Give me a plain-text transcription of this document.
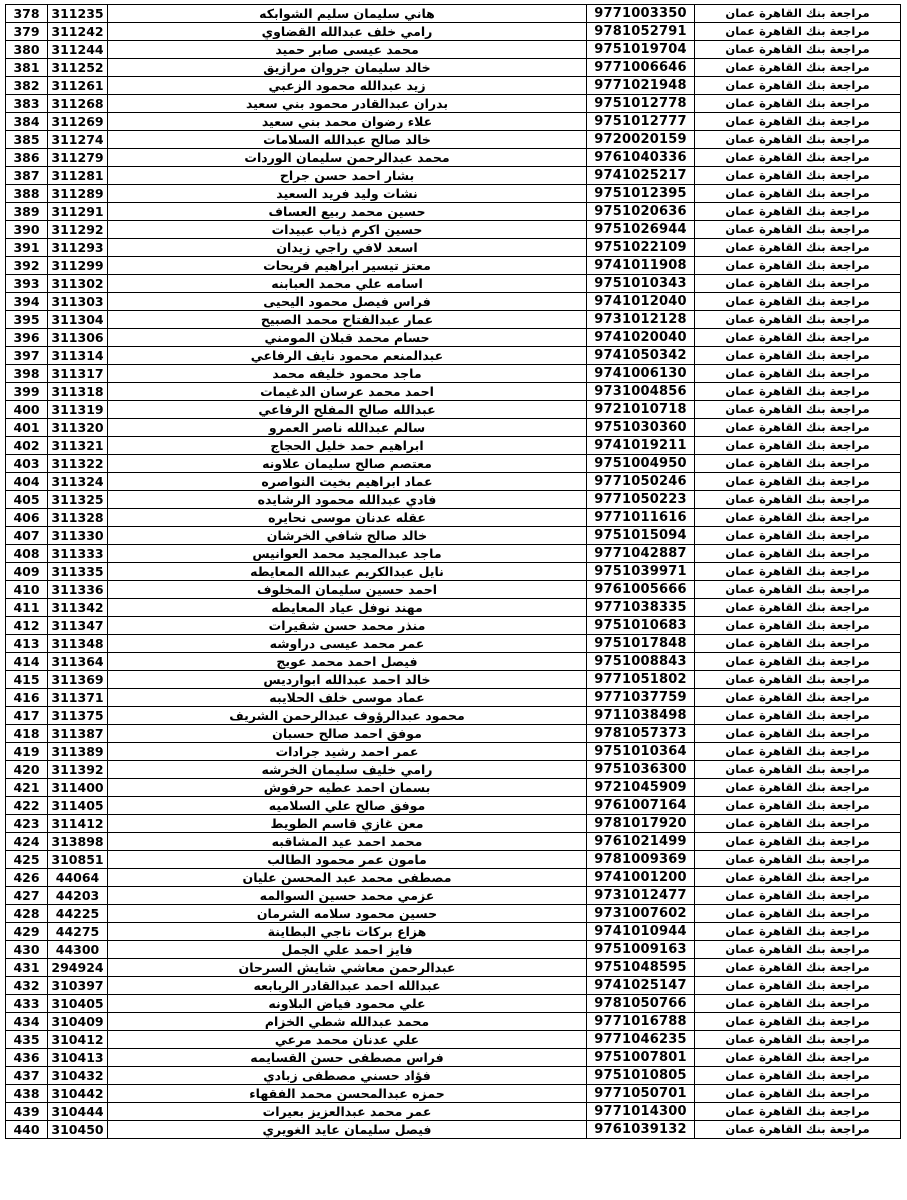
مراجعة بنك القاهرة عمان	9771003350	هاني سليمان سليم الشوابكه	311235	378
مراجعة بنك القاهرة عمان	9781052791	رامي خلف عبدالله القضاوي	311242	379
مراجعة بنك القاهرة عمان	9751019704	محمد عيسى صابر حميد	311244	380
مراجعة بنك القاهرة عمان	9771006646	خالد سليمان جروان مرازيق	311252	381
مراجعة بنك القاهرة عمان	9771021948	زيد عبدالله محمود الزعبي	311261	382
مراجعة بنك القاهرة عمان	9751012778	بدران عبدالقادر محمود بني سعيد	311268	383
مراجعة بنك القاهرة عمان	9751012777	علاء رضوان محمد بني سعيد	311269	384
مراجعة بنك القاهرة عمان	9720020159	خالد صالح عبدالله السلامات	311274	385
مراجعة بنك القاهرة عمان	9761040336	محمد عبدالرحمن سليمان الوردات	311279	386
مراجعة بنك القاهرة عمان	9741025217	بشار احمد حسن جراح	311281	387
مراجعة بنك القاهرة عمان	9751012395	نشات وليد فريد السعيد	311289	388
مراجعة بنك القاهرة عمان	9751020636	حسين محمد ربيع العساف	311291	389
مراجعة بنك القاهرة عمان	9751026944	حسين اكرم ذياب عبيدات	311292	390
مراجعة بنك القاهرة عمان	9751022109	اسعد لافي راجي زيدان	311293	391
مراجعة بنك القاهرة عمان	9741011908	معتز تيسير ابراهيم فريحات	311299	392
مراجعة بنك القاهرة عمان	9751010343	اسامه علي محمد العبابنه	311302	393
مراجعة بنك القاهرة عمان	9741012040	فراس فيصل محمود اليحيى	311303	394
مراجعة بنك القاهرة عمان	9731012128	عمار عبدالفتاح محمد الصبيح	311304	395
مراجعة بنك القاهرة عمان	9741020040	حسام محمد قبلان المومني	311306	396
مراجعة بنك القاهرة عمان	9741050342	عبدالمنعم محمود نايف الرفاعي	311314	397
مراجعة بنك القاهرة عمان	9741006130	ماجد محمود خليفه محمد	311317	398
مراجعة بنك القاهرة عمان	9731004856	احمد محمد عرسان الدغيمات	311318	399
مراجعة بنك القاهرة عمان	9721010718	عبدالله صالح المفلح الرفاعي	311319	400
مراجعة بنك القاهرة عمان	9751030360	سالم عبدالله ناصر العمرو	311320	401
مراجعة بنك القاهرة عمان	9741019211	ابراهيم حمد خليل الحجاج	311321	402
مراجعة بنك القاهرة عمان	9751004950	معتصم صالح سليمان علاونه	311322	403
مراجعة بنك القاهرة عمان	9771050246	عماد ابراهيم بخيت النواصره	311324	404
مراجعة بنك القاهرة عمان	9771050223	فادي عبدالله محمود الرشايده	311325	405
مراجعة بنك القاهرة عمان	9771011616	عقله عدنان موسى نحايره	311328	406
مراجعة بنك القاهرة عمان	9751015094	خالد صالح شافي الخرشان	311330	407
مراجعة بنك القاهرة عمان	9771042887	ماجد عبدالمجيد محمد العوانيس	311333	408
مراجعة بنك القاهرة عمان	9751039971	نايل عبدالكريم عبدالله المعايطه	311335	409
مراجعة بنك القاهرة عمان	9761005666	احمد حسين سليمان المخلوف	311336	410
مراجعة بنك القاهرة عمان	9771038335	مهند نوفل عياد المعايطه	311342	411
مراجعة بنك القاهرة عمان	9751010683	منذر محمد حسن شقيرات	311347	412
مراجعة بنك القاهرة عمان	9751017848	عمر محمد عيسى دراوشه	311348	413
مراجعة بنك القاهرة عمان	9751008843	فيصل احمد محمد عويج	311364	414
مراجعة بنك القاهرة عمان	9771051802	خالد احمد عبدالله ابوارديس	311369	415
مراجعة بنك القاهرة عمان	9771037759	عماد موسى خلف الحلايبه	311371	416
مراجعة بنك القاهرة عمان	9711038498	محمود عبدالرؤوف عبدالرحمن الشريف	311375	417
مراجعة بنك القاهرة عمان	9781057373	موفق احمد صالح حسبان	311387	418
مراجعة بنك القاهرة عمان	9751010364	عمر احمد رشيد جرادات	311389	419
مراجعة بنك القاهرة عمان	9751036300	رامي خليف سليمان الخرشه	311392	420
مراجعة بنك القاهرة عمان	9721045909	بسمان احمد عطيه حرفوش	311400	421
مراجعة بنك القاهرة عمان	9761007164	موفق صالح علي السلاميه	311405	422
مراجعة بنك القاهرة عمان	9781017920	معن غازي قاسم الطويط	311412	423
مراجعة بنك القاهرة عمان	9761021499	محمد احمد عيد المشاقبه	313898	424
مراجعة بنك القاهرة عمان	9781009369	مامون عمر محمود الطالب	310851	425
مراجعة بنك القاهرة عمان	9741001200	مصطفى محمد عبد المحسن عليان	44064	426
مراجعة بنك القاهرة عمان	9731012477	عزمي محمد حسين السوالمه	44203	427
مراجعة بنك القاهرة عمان	9731007602	حسين محمود سلامه الشرمان	44225	428
مراجعة بنك القاهرة عمان	9741010944	هزاع بركات ناجي البطاينة	44275	429
مراجعة بنك القاهرة عمان	9751009163	فايز احمد علي الجمل	44300	430
مراجعة بنك القاهرة عمان	9751048595	عبدالرحمن معاشي شايش السرحان	294924	431
مراجعة بنك القاهرة عمان	9741025147	عبدالله احمد عبدالقادر الربابعه	310397	432
مراجعة بنك القاهرة عمان	9781050766	علي محمود فياض البلاونه	310405	433
مراجعة بنك القاهرة عمان	9771016788	محمد عبدالله شطي الخزام	310409	434
مراجعة بنك القاهرة عمان	9771046235	علي عدنان محمد مرعي	310412	435
مراجعة بنك القاهرة عمان	9751007801	فراس مصطفى حسن القسايمه	310413	436
مراجعة بنك القاهرة عمان	9751010805	فؤاد حسني مصطفى زبادي	310432	437
مراجعة بنك القاهرة عمان	9771050701	حمزه عبدالمحسن محمد الفقهاء	310442	438
مراجعة بنك القاهرة عمان	9771014300	عمر محمد عبدالعزيز بعيرات	310444	439
مراجعة بنك القاهرة عمان	9761039132	فيصل سليمان عايد الغويري	310450	440
